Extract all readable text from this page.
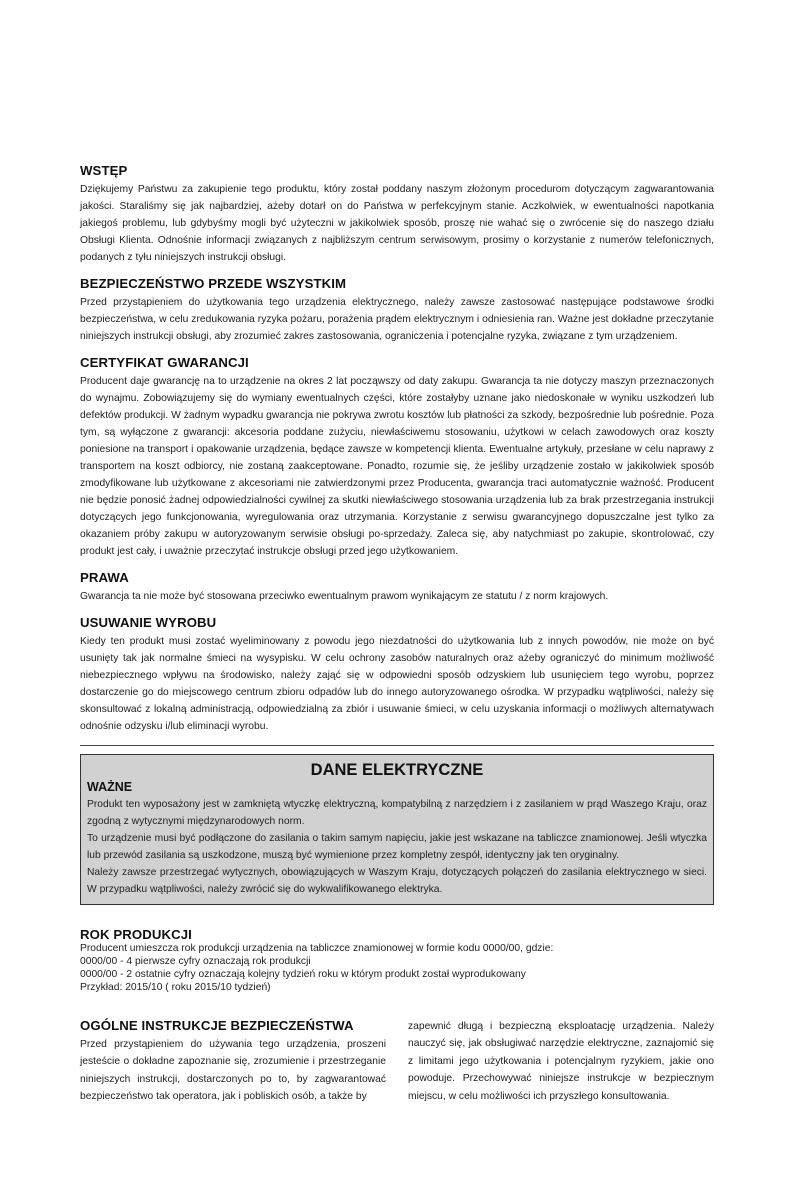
WSTĘP

Dziękujemy Państwu za zakupienie tego produktu, który został poddany naszym złożonym procedurom dotyczącym zagwarantowania jakości. Staraliśmy się jak najbardziej, ażeby dotarł on do Państwa w perfekcyjnym stanie. Aczkolwiek, w ewentualności napotkania jakiegoś problemu, lub gdybyśmy mogli być użyteczni w jakikolwiek sposób, proszę nie wahać się o zwrócenie się do naszego działu Obsługi Klienta. Odnośnie informacji związanych z najbliższym centrum serwisowym, prosimy o korzystanie z numerów telefonicznych, podanych z tyłu niniejszych instrukcji obsługi.

BEZPIECZEŃSTWO PRZEDE WSZYSTKIM

Przed przystąpieniem do użytkowania tego urządzenia elektrycznego, należy zawsze zastosować następujące podstawowe środki bezpieczeństwa, w celu zredukowania ryzyka pożaru, porażenia prądem elektrycznym i odniesienia ran. Ważne jest dokładne przeczytanie niniejszych instrukcji obsługi, aby zrozumieć zakres zastosowania, ograniczenia i potencjalne ryzyka, związane z tym urządzeniem.

CERTYFIKAT GWARANCJI

Producent daje gwarancję na to urządzenie na okres 2 lat począwszy od daty zakupu. Gwarancja ta nie dotyczy maszyn przeznaczonych do wynajmu. Zobowiązujemy się do wymiany ewentualnych części, które zostałyby uznane jako niedoskonałe w wyniku uszkodzeń lub defektów produkcji. W żadnym wypadku gwarancja nie pokrywa zwrotu kosztów lub płatności za szkody, bezpośrednie lub pośrednie. Poza tym, są wyłączone z gwarancji: akcesoria poddane zużyciu, niewłaściwemu stosowaniu, użytkowi w celach zawodowych oraz koszty poniesione na transport i opakowanie urządzenia, będące zawsze w kompetencji klienta. Ewentualne artykuły, przesłane w celu naprawy z transportem na koszt odbiorcy, nie zostaną zaakceptowane. Ponadto, rozumie się, że jeśliby urządzenie zostało w jakikolwiek sposób zmodyfikowane lub użytkowane z akcesoriami nie zatwierdzonymi przez Producenta, gwarancja traci automatycznie ważność. Producent nie będzie ponosić żadnej odpowiedzialności cywilnej za skutki niewłaściwego stosowania urządzenia lub za brak przestrzegania instrukcji dotyczących jego funkcjonowania, wyregulowania oraz utrzymania. Korzystanie z serwisu gwarancyjnego dopuszczalne jest tylko za okazaniem próby zakupu w autoryzowanym serwisie obsługi po-sprzedaży. Zaleca się, aby natychmiast po zakupie, skontrolować, czy produkt jest cały, i uważnie przeczytać instrukcje obsługi przed jego użytkowaniem.

PRAWA

Gwarancja ta nie może być stosowana przeciwko ewentualnym prawom wynikającym ze statutu / z norm krajowych.

USUWANIE WYROBU

Kiedy ten produkt musi zostać wyeliminowany z powodu jego niezdatności do użytkowania lub z innych powodów, nie może on być usunięty tak jak normalne śmieci na wysypisku. W celu ochrony zasobów naturalnych oraz ażeby ograniczyć do minimum możliwość niebezpiecznego wpływu na środowisko, należy zająć się w odpowiedni sposób odzyskiem lub usunięciem tego wyrobu, poprzez dostarczenie go do miejscowego centrum zbioru odpadów lub do innego autoryzowanego ośrodka. W przypadku wątpliwości, należy się skonsultować z lokalną administracją, odpowiedzialną za zbiór i usuwanie śmieci, w celu uzyskania informacji o możliwych alternatywach odnośnie odzysku i/lub eliminacji wyrobu.

DANE ELEKTRYCZNE
WAŻNE

Produkt ten wyposażony jest w zamkniętą wtyczkę elektryczną, kompatybilną z narzędziem i z zasilaniem w prąd Waszego Kraju, oraz zgodną z wytycznymi międzynarodowych norm.

To urządzenie musi być podłączone do zasilania o takim samym napięciu, jakie jest wskazane na tabliczce znamionowej. Jeśli wtyczka lub przewód zasilania są uszkodzone, muszą być wymienione przez kompletny zespół, identyczny jak ten oryginalny.

Należy zawsze przestrzegać wytycznych, obowiązujących w Waszym Kraju, dotyczących połączeń do zasilania elektrycznego w sieci. W przypadku wątpliwości, należy zwrócić się do wykwalifikowanego elektryka.

ROK PRODUKCJI

Producent umieszcza rok produkcji urządzenia na tabliczce znamionowej w formie kodu 0000/00, gdzie:

0000/00 - 4 pierwsze cyfry oznaczają rok produkcji

0000/00 - 2 ostatnie cyfry oznaczają kolejny tydzień roku w którym produkt został wyprodukowany

Przykład: 2015/10 ( roku 2015/10 tydzień)

OGÓLNE INSTRUKCJE BEZPIECZEŃSTWA

Przed przystąpieniem do używania tego urządzenia, proszeni jesteście o dokładne zapoznanie się, zrozumienie i przestrzeganie niniejszych instrukcji, dostarczonych po to, by zagwarantować bezpieczeństwo tak operatora, jak i pobliskich osób, a także by

zapewnić długą i bezpieczną eksploatację urządzenia. Należy nauczyć się, jak obsługiwać narzędzie elektryczne, zaznajomić się z limitami jego użytkowania i potencjalnym ryzykiem, jakie ono powoduje. Przechowywać niniejsze instrukcje w bezpiecznym miejscu, w celu możliwości ich przyszłego konsultowania.
